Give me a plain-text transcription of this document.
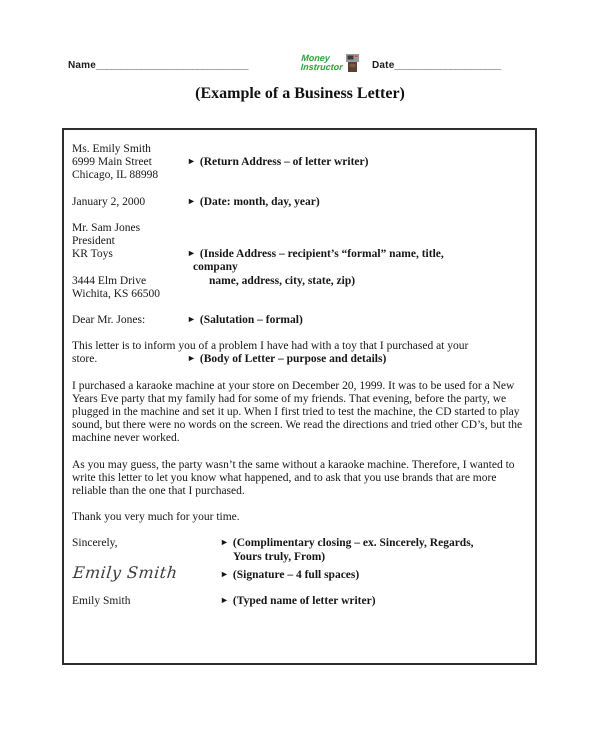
Name______________________________
Money
Instructor	Date_____________________
(Example of a Business Letter)
Ms. Emily Smith
6999 Main Street	► (Return Address – of letter writer)
Chicago, IL 88998
January 2, 2000	► (Date: month, day, year)
Mr. Sam Jones
President
KR Toys	► (Inside Address – recipient’s “formal” name, title,
company
3444 Elm Drive	name, address, city, state, zip)
Wichita, KS 66500
Dear Mr. Jones:	► (Salutation – formal)
This letter is to inform you of a problem I have had with a toy that I purchased at your
store.	► (Body of Letter – purpose and details)
I purchased a karaoke machine at your store on December 20, 1999. It was to be used for a New Years Eve party that my family had for some of my friends. That evening, before the party, we plugged in the machine and set it up. When I first tried to test the machine, the CD started to play sound, but there were no words on the screen. We read the directions and tried other CD’s, but the machine never worked.
As you may guess, the party wasn’t the same without a karaoke machine. Therefore, I wanted to write this letter to let you know what happened, and to ask that you use brands that are more reliable than the one that I purchased.
Thank you very much for your time.
Sincerely,	► (Complimentary closing – ex. Sincerely, Regards,
Yours truly, From)
Emily Smith	► (Signature – 4 full spaces)
Emily Smith	► (Typed name of letter writer)
